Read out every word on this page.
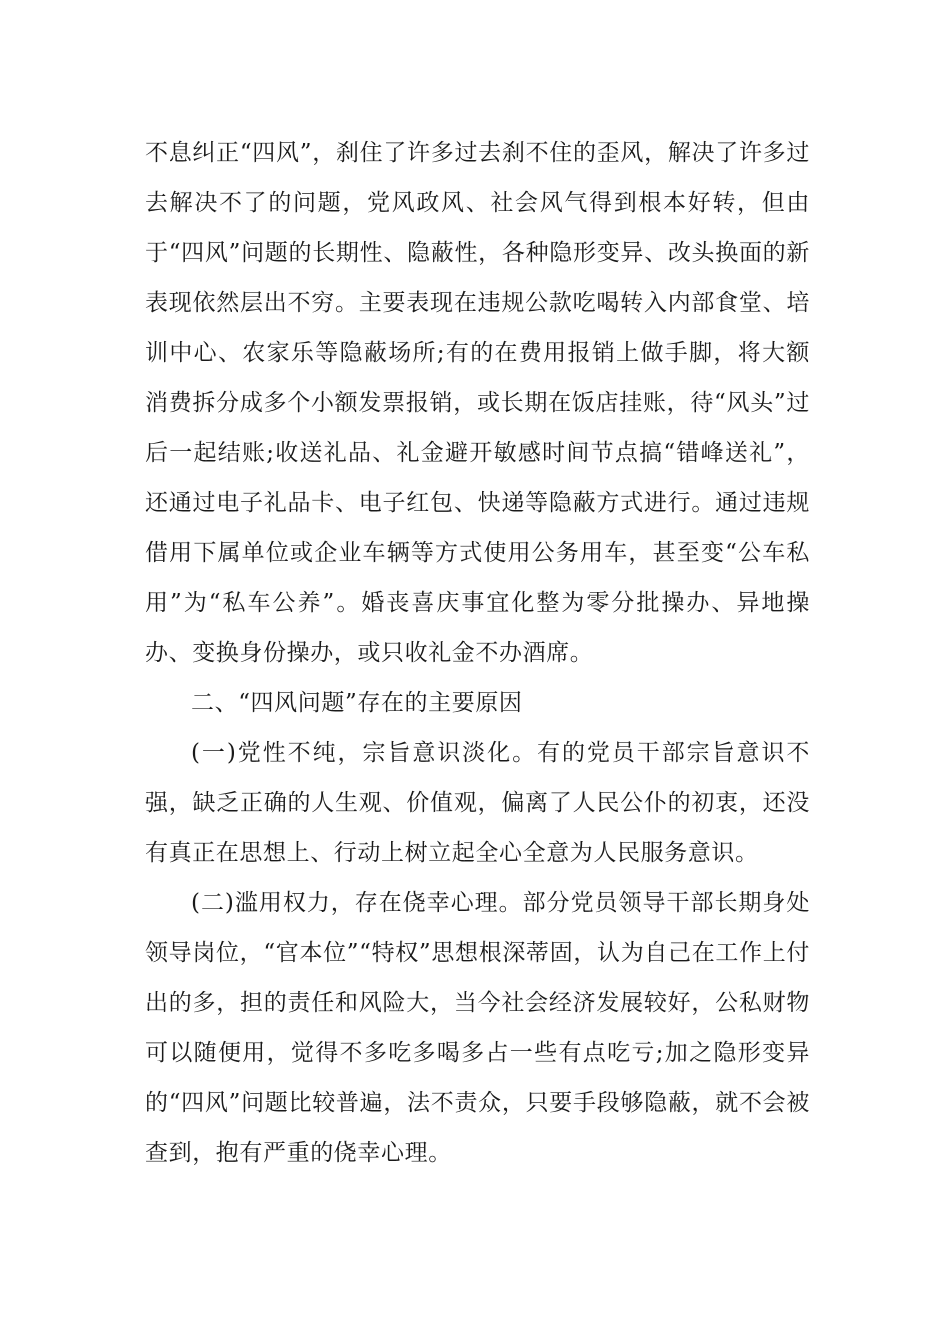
不息纠正“四风”，刹住了许多过去刹不住的歪风，解决了许多过去解决不了的问题，党风政风、社会风气得到根本好转，但由于“四风”问题的长期性、隐蔽性，各种隐形变异、改头换面的新表现依然层出不穷。主要表现在违规公款吃喝转入内部食堂、培训中心、农家乐等隐蔽场所;有的在费用报销上做手脚，将大额消费拆分成多个小额发票报销，或长期在饭店挂账，待“风头”过后一起结账;收送礼品、礼金避开敏感时间节点搞“错峰送礼”，还通过电子礼品卡、电子红包、快递等隐蔽方式进行。通过违规借用下属单位或企业车辆等方式使用公务用车，甚至变“公车私用”为“私车公养”。婚丧喜庆事宜化整为零分批操办、异地操办、变换身份操办，或只收礼金不办酒席。

二、“四风问题”存在的主要原因

(一)党性不纯，宗旨意识淡化。有的党员干部宗旨意识不强，缺乏正确的人生观、价值观，偏离了人民公仆的初衷，还没有真正在思想上、行动上树立起全心全意为人民服务意识。

(二)滥用权力，存在侥幸心理。部分党员领导干部长期身处领导岗位，“官本位”“特权”思想根深蒂固，认为自己在工作上付出的多，担的责任和风险大，当今社会经济发展较好，公私财物可以随便用，觉得不多吃多喝多占一些有点吃亏;加之隐形变异的“四风”问题比较普遍，法不责众，只要手段够隐蔽，就不会被查到，抱有严重的侥幸心理。
